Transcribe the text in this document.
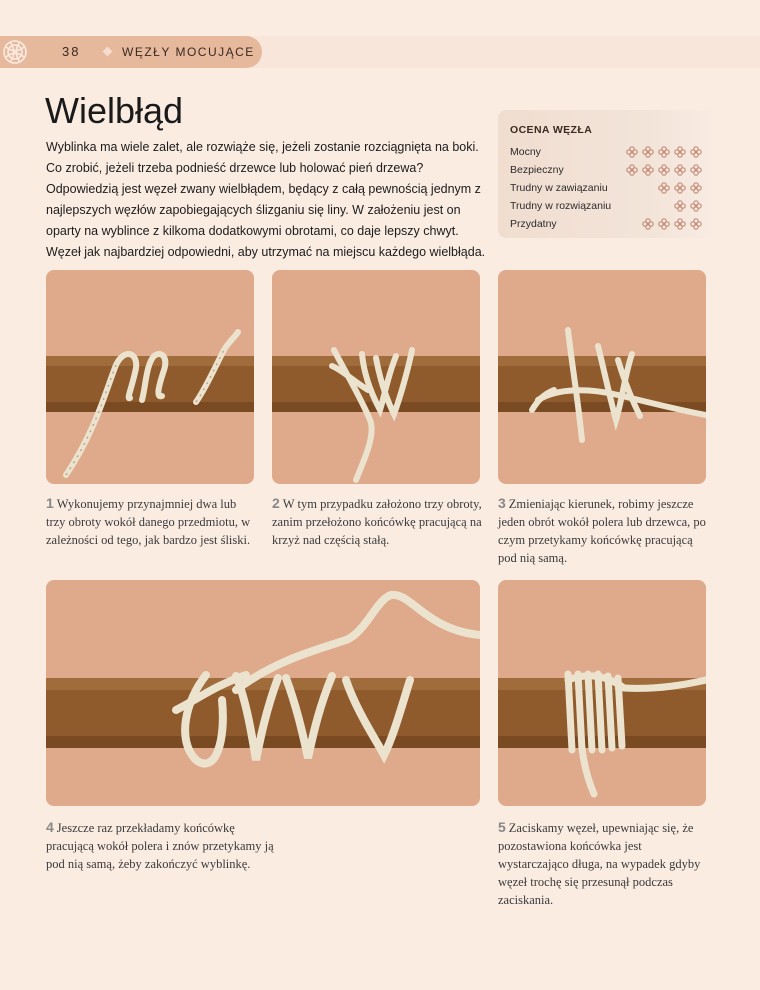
38	WĘZŁY MOCUJĄCE
Wielbłąd

Wyblinka ma wiele zalet, ale rozwiąże się, jeżeli zostanie rozciągnięta na boki. Co zrobić, jeżeli trzeba podnieść drzewce lub holować pień drzewa? Odpowiedzią jest węzeł zwany wielbłądem, będący z całą pewnością jednym z najlepszych węzłów zapobiegających ślizganiu się liny. W założeniu jest on oparty na wyblince z kilkoma dodatkowymi obrotami, co daje lepszy chwyt. Węzeł jak najbardziej odpowiedni, aby utrzymać na miejscu każdego wielbłąda.

OCENA WĘZŁA
Mocny
Bezpieczny
Trudny w zawiązaniu
Trudny w rozwiązaniu
Przydatny

1 Wykonujemy przynajmniej dwa lub trzy obroty wokół danego przedmiotu, w zależności od tego, jak bardzo jest śliski.

2 W tym przypadku założono trzy obroty, zanim przełożono końcówkę pracującą na krzyż nad częścią stałą.

3 Zmieniając kierunek, robimy jeszcze jeden obrót wokół polera lub drzewca, po czym przetykamy końcówkę pracującą pod nią samą.

4 Jeszcze raz przekładamy końcówkę pracującą wokół polera i znów przetykamy ją pod nią samą, żeby zakończyć wyblinkę.

5 Zaciskamy węzeł, upewniając się, że pozostawiona końcówka jest wystarczająco długa, na wypadek gdyby węzeł trochę się przesunął podczas zaciskania.
